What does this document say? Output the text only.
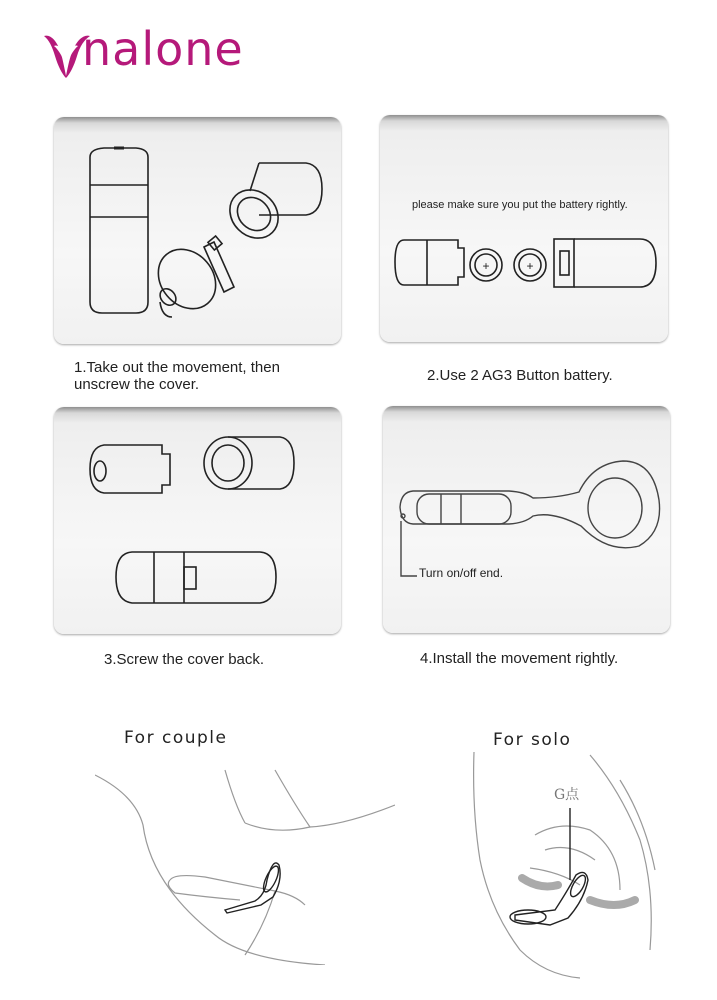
nalone
+	+
please make sure you put the battery rightly.
Turn on/off end.
1.Take out the movement, then
unscrew the cover.
2.Use 2 AG3 Button battery.
3.Screw the cover back.	4.Install the movement rightly.
For couple	For solo
G点
